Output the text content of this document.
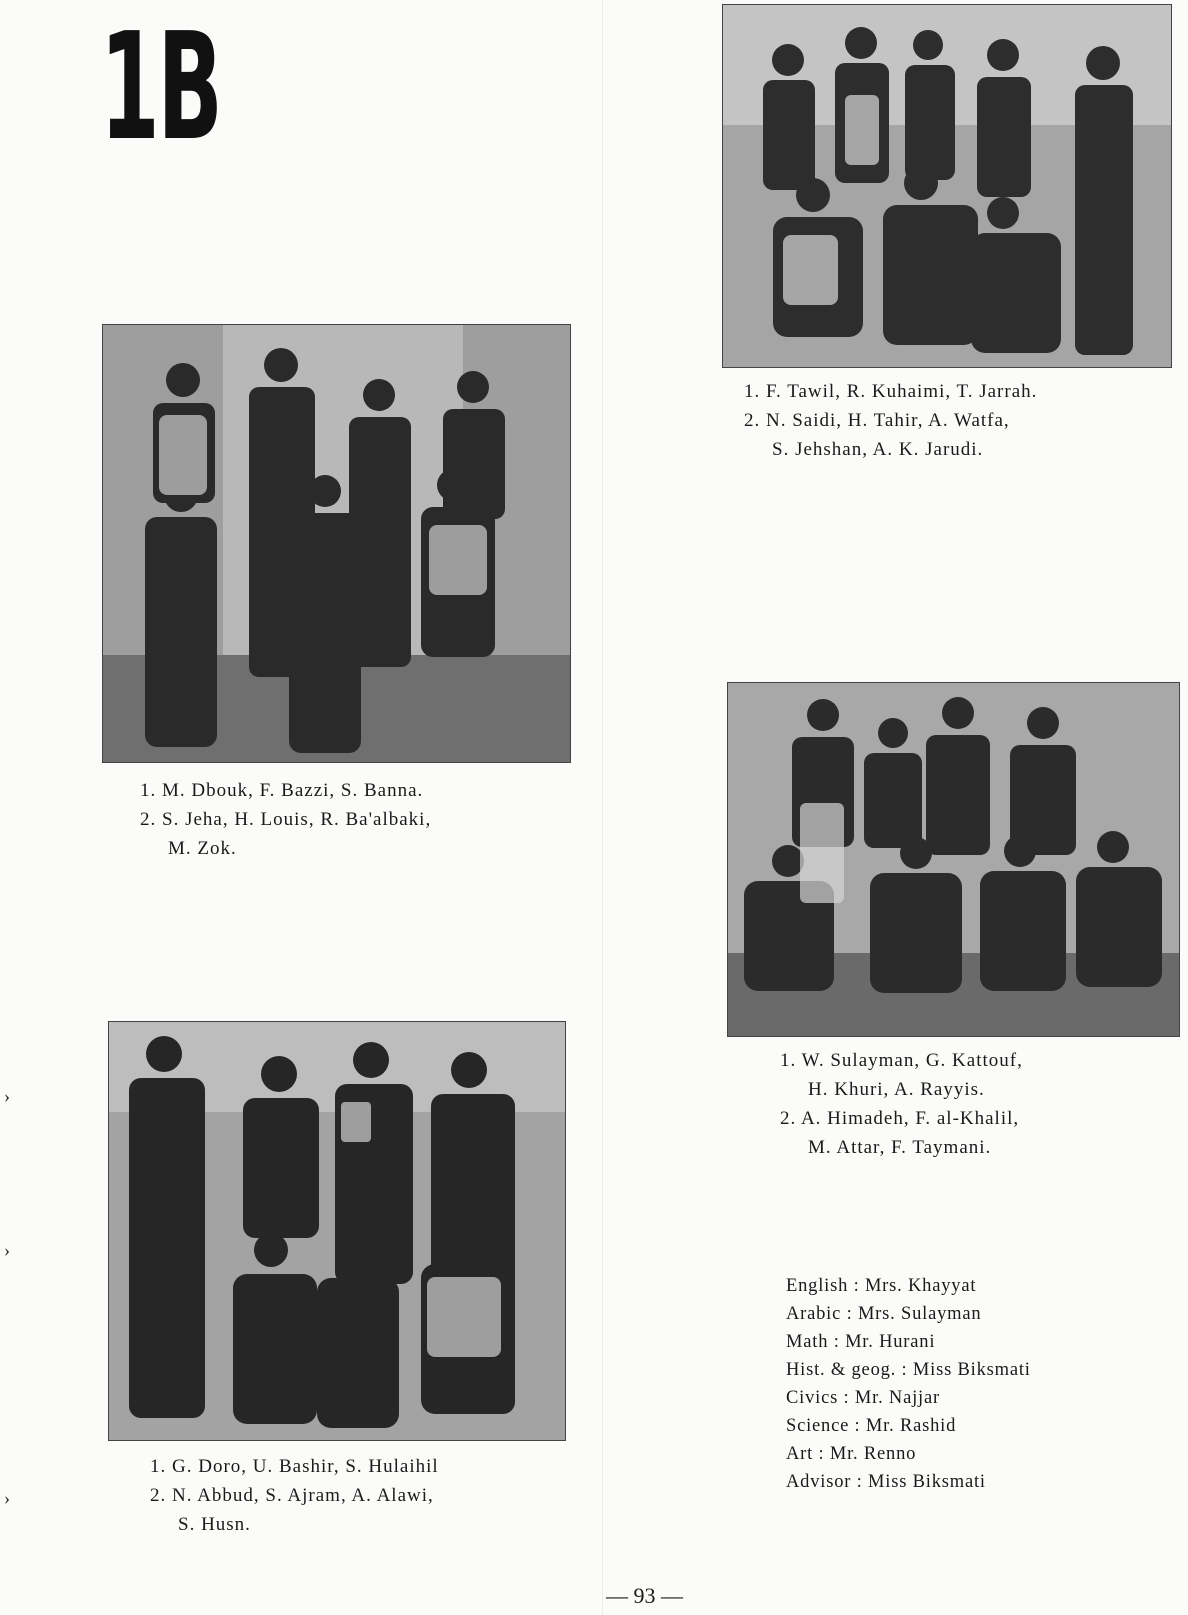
1B
1. F. Tawil, R. Kuhaimi, T. Jarrah.
2. N. Saidi, H. Tahir, A. Watfa,
S. Jehshan, A. K. Jarudi.
1. M. Dbouk, F. Bazzi, S. Banna.
2. S. Jeha, H. Louis, R. Ba'albaki,
M. Zok.
1. W. Sulayman, G. Kattouf,
H. Khuri, A. Rayyis.
2. A. Himadeh, F. al-Khalil,
M. Attar, F. Taymani.
1. G. Doro, U. Bashir, S. Hulaihil
2. N. Abbud, S. Ajram, A. Alawi,
S. Husn.
English : Mrs. Khayyat
Arabic : Mrs. Sulayman
Math : Mr. Hurani
Hist. & geog. : Miss Biksmati
Civics : Mr. Najjar
Science : Mr. Rashid
Art : Mr. Renno
Advisor : Miss Biksmati
— 93 —
›
›
›
